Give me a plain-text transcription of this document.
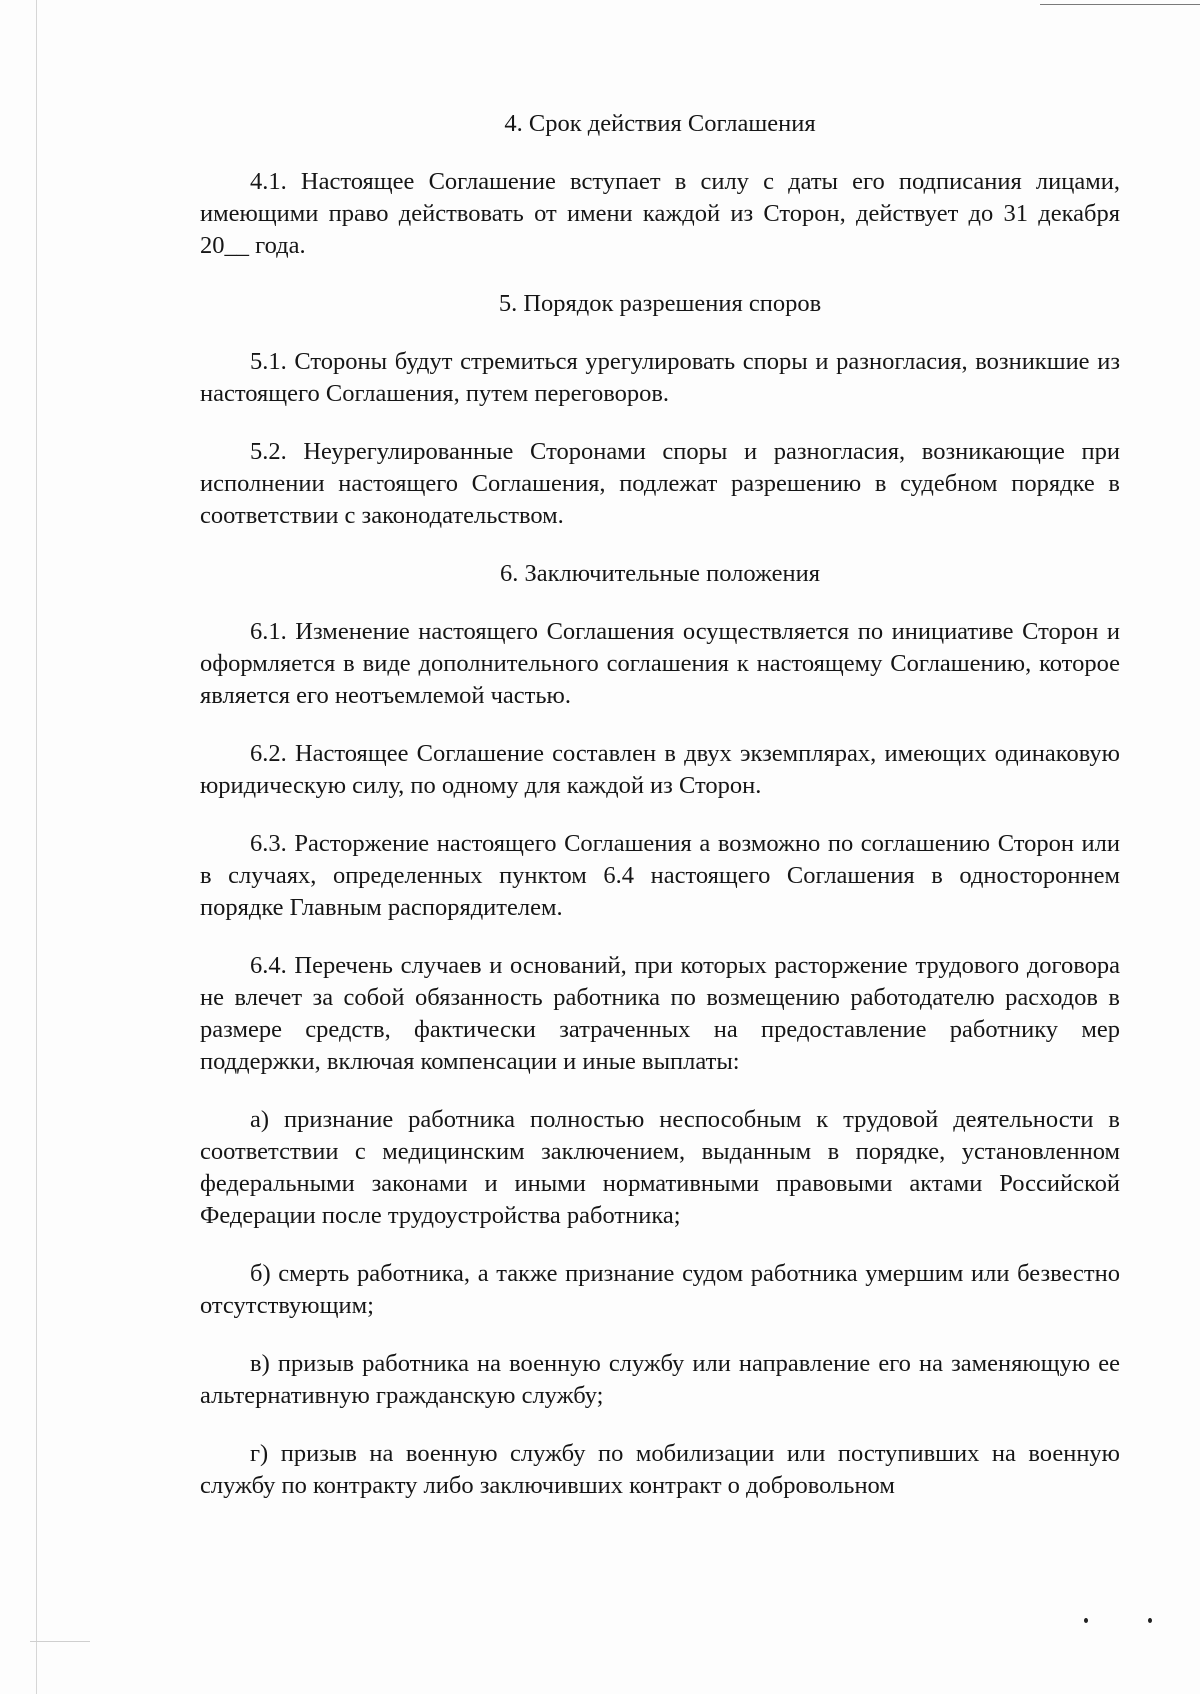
4. Срок действия Соглашения

4.1. Настоящее Соглашение вступает в силу с даты его подписания лицами, имеющими право действовать от имени каждой из Сторон, действует до 31 декабря 20__ года.

5. Порядок разрешения споров

5.1. Стороны будут стремиться урегулировать споры и разногласия, возникшие из настоящего Соглашения, путем переговоров.

5.2. Неурегулированные Сторонами споры и разногласия, возникающие при исполнении настоящего Соглашения, подлежат разрешению в судебном порядке в соответствии с законодательством.

6. Заключительные положения

6.1. Изменение настоящего Соглашения осуществляется по инициативе Сторон и оформляется в виде дополнительного соглашения к настоящему Соглашению, которое является его неотъемлемой частью.

6.2. Настоящее Соглашение составлен в двух экземплярах, имеющих одинаковую юридическую силу, по одному для каждой из Сторон.

6.3. Расторжение настоящего Соглашения а возможно по соглашению Сторон или в случаях, определенных пунктом 6.4 настоящего Соглашения в одностороннем порядке Главным распорядителем.

6.4. Перечень случаев и оснований, при которых расторжение трудового договора не влечет за собой обязанность работника по возмещению работодателю расходов в размере средств, фактически затраченных на предоставление работнику мер поддержки, включая компенсации и иные выплаты:

а) признание работника полностью неспособным к трудовой деятельности в соответствии с медицинским заключением, выданным в порядке, установленном федеральными законами и иными нормативными правовыми актами Российской Федерации после трудоустройства работника;

б) смерть работника, а также признание судом работника умершим или безвестно отсутствующим;

в) призыв работника на военную службу или направление его на заменяющую ее альтернативную гражданскую службу;

г) призыв на военную службу по мобилизации или поступивших на военную службу по контракту либо заключивших контракт о добровольном
